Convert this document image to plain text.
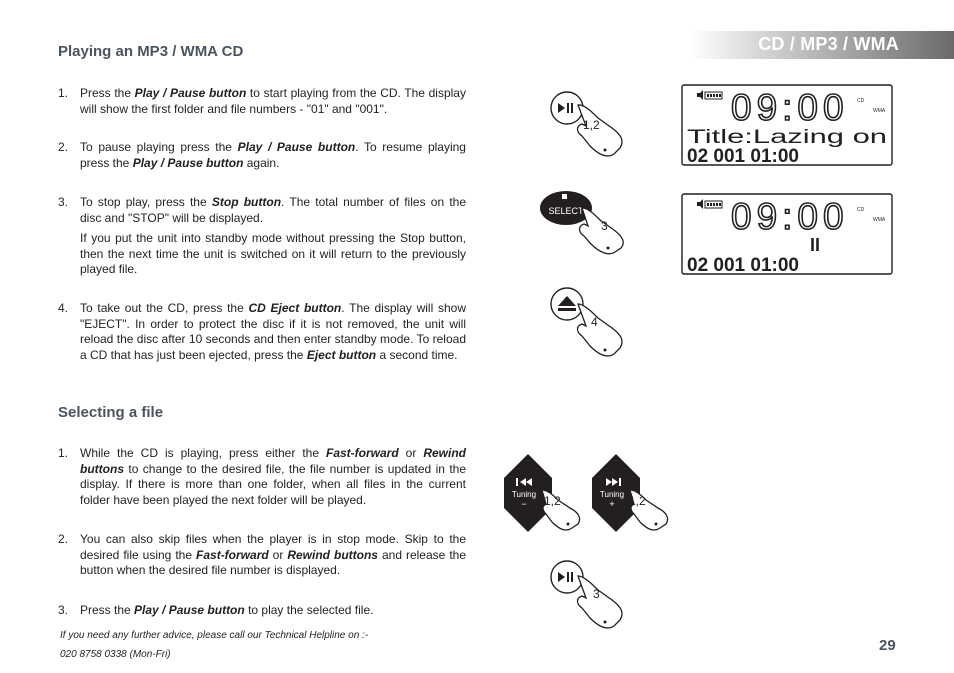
CD / MP3 / WMA
Playing an MP3 / WMA CD
1. Press the Play / Pause button to start playing from the CD. The display will show the first folder and file numbers - "01" and "001".
2. To pause playing press the Play / Pause button. To resume playing press the Play / Pause button again.
3. To stop play, press the Stop button. The total number of files on the disc and "STOP" will be displayed.
If you put the unit into standby mode without pressing the Stop button, then the next time the unit is switched on it will return to the previously played file.
4. To take out the CD, press the CD Eject button. The display will show "EJECT". In order to protect the disc if it is not removed, the unit will reload the disc after 10 seconds and then enter standby mode. To reload a CD that has just been ejected, press the Eject button a second time.
Selecting a file
1. While the CD is playing, press either the Fast-forward or Rewind buttons to change to the desired file, the file number is updated in the display. If there is more than one folder, when all files in the current folder have been played the next folder will be played.
2. You can also skip files when the player is in stop mode. Skip to the desired file using the Fast-forward or Rewind buttons and release the button when the desired file number is displayed.
3. Press the Play / Pause button to play the selected file.
If you need any further advice, please call our Technical Helpline on :-
020 8758 0338 (Mon-Fri)
29
1,2
SELECT
3
4
Tuning
− 1,2	Tuning
+ 1,2
3
09:00 CD
WMA
Title:Lazing on
02 001 01:00
09:00 CD
WMA
II
02 001 01:00
